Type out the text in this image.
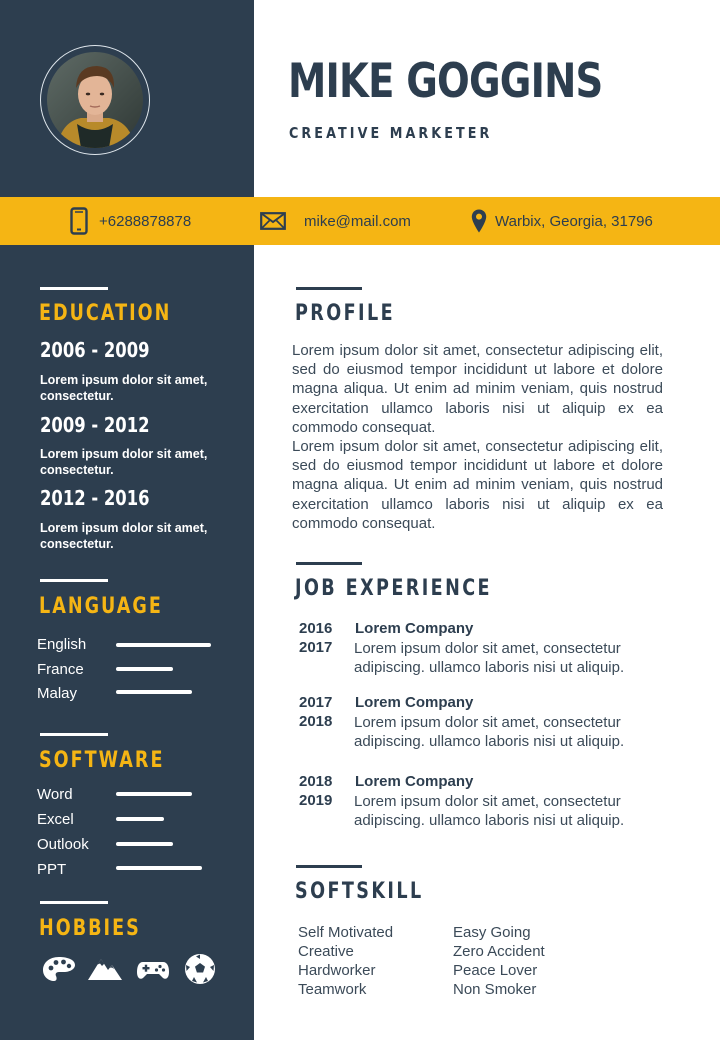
MIKE GOGGINS
CREATIVE MARKETER
+6288878878	mike@mail.com	Warbix, Georgia, 31796
EDUCATION
2006 - 2009
Lorem ipsum dolor sit amet, consectetur.
2009 - 2012
Lorem ipsum dolor sit amet, consectetur.
2012 - 2016
Lorem ipsum dolor sit amet, consectetur.
LANGUAGE
English
France
Malay
SOFTWARE
Word
Excel
Outlook
PPT
HOBBIES
PROFILE

Lorem ipsum dolor sit amet, consectetur adipiscing elit, sed do eiusmod tempor incididunt ut labore et dolore magna aliqua. Ut enim ad minim veniam, quis nostrud exercitation ullamco laboris nisi ut aliquip ex ea commodo consequat.

Lorem ipsum dolor sit amet, consectetur adipiscing elit, sed do eiusmod tempor incididunt ut labore et dolore magna aliqua. Ut enim ad minim veniam, quis nostrud exercitation ullamco laboris nisi ut aliquip ex ea commodo consequat.

JOB EXPERIENCE
2016
2017
Lorem Company
Lorem ipsum dolor sit amet, consectetur adipiscing. ullamco laboris nisi ut aliquip.
2017
2018
Lorem Company
Lorem ipsum dolor sit amet, consectetur adipiscing. ullamco laboris nisi ut aliquip.
2018
2019
Lorem Company
Lorem ipsum dolor sit amet, consectetur adipiscing. ullamco laboris nisi ut aliquip.
SOFTSKILL
Self Motivated
Creative
Hardworker
Teamwork
Easy Going
Zero Accident
Peace Lover
Non Smoker
